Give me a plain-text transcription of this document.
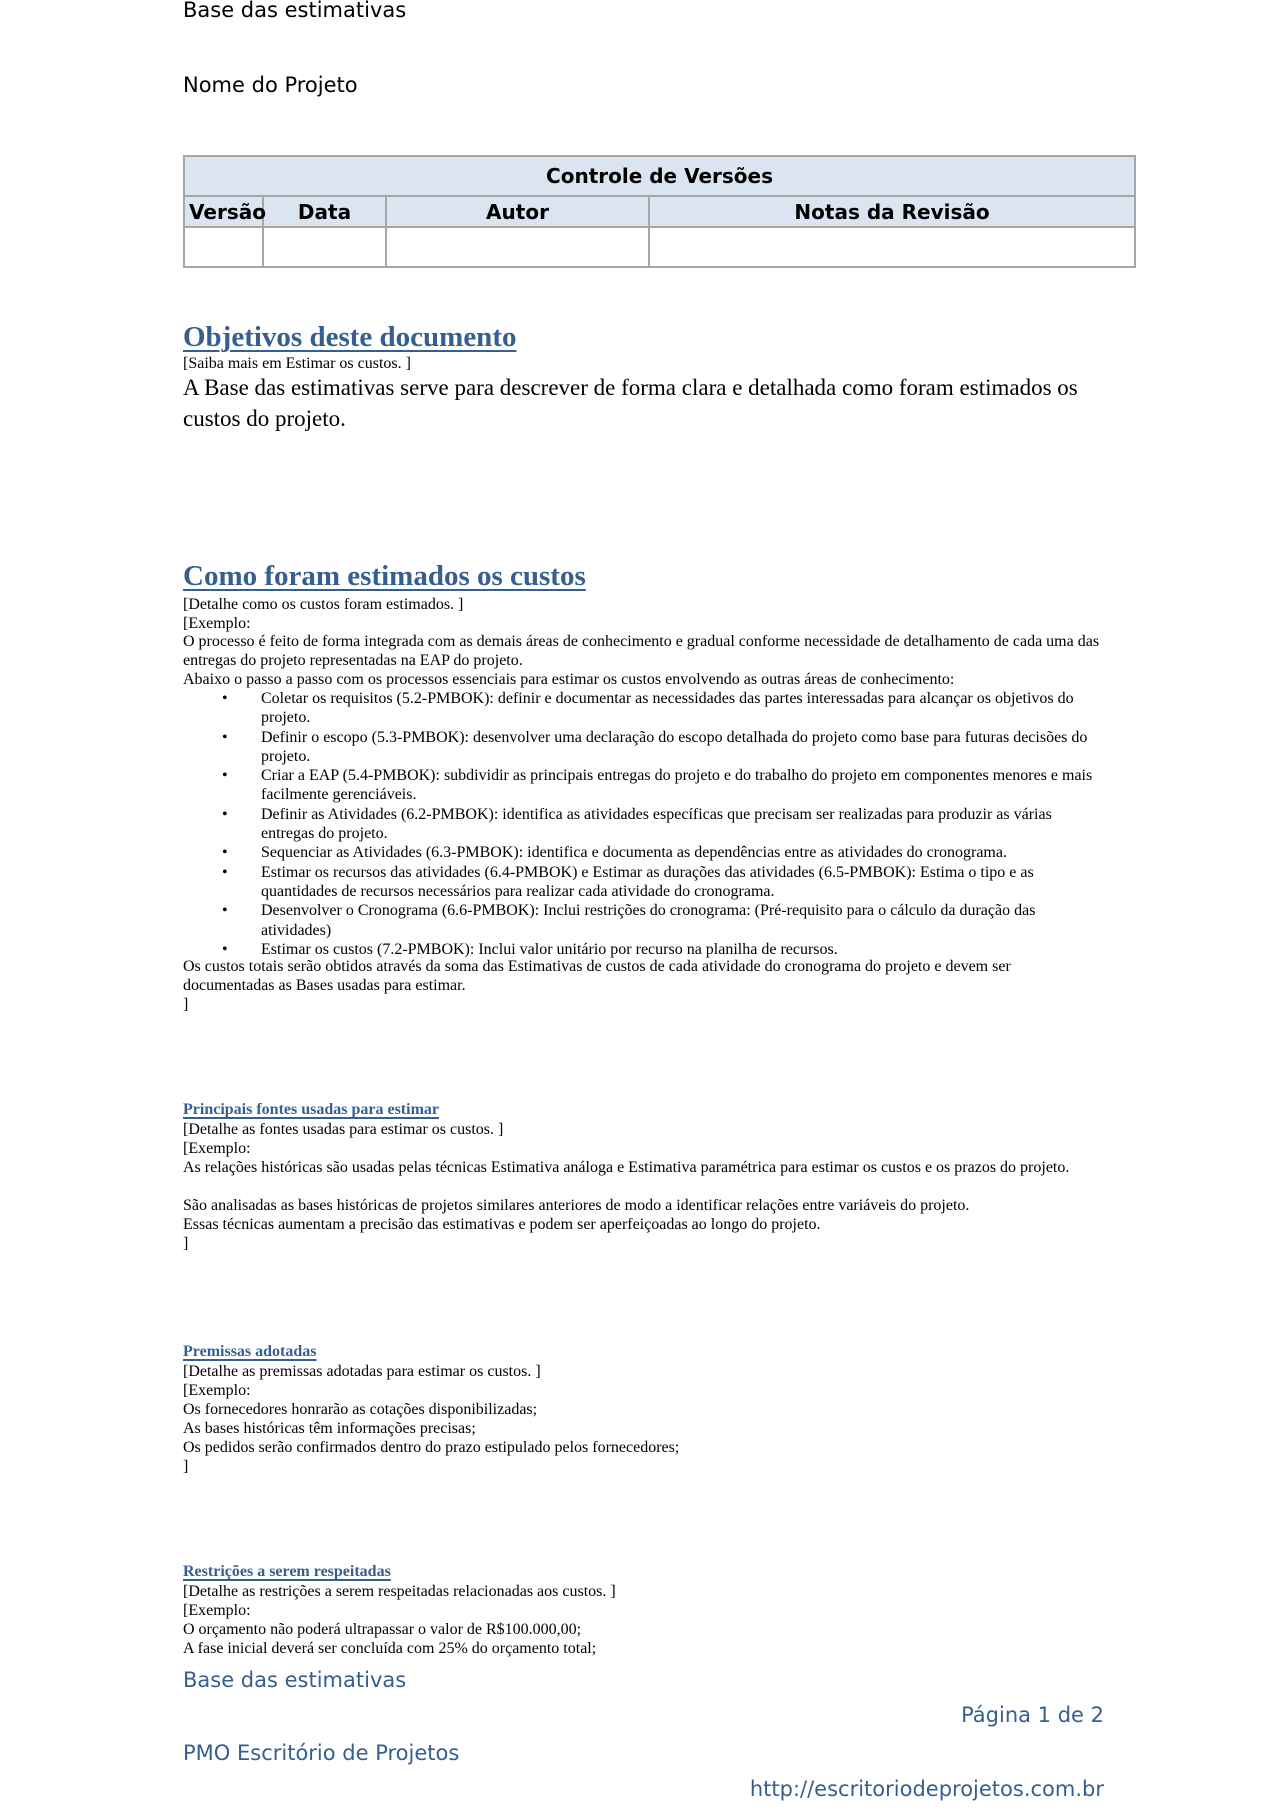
Base das estimativas
Nome do Projeto
Controle de Versões			
Versão	Data	Autor	Notas da Revisão

Objetivos deste documento
[Saiba mais em Estimar os custos. ]
A Base das estimativas serve para descrever de forma clara e detalhada como foram estimados os custos do projeto.
Como foram estimados os custos
[Detalhe como os custos foram estimados. ]
[Exemplo:
O processo é feito de forma integrada com as demais áreas de conhecimento e gradual conforme necessidade de detalhamento de cada uma das entregas do projeto representadas na EAP do projeto.
Abaixo o passo a passo com os processos essenciais para estimar os custos envolvendo as outras áreas de conhecimento:
• Coletar os requisitos (5.2-PMBOK): definir e documentar as necessidades das partes interessadas para alcançar os objetivos do projeto.
• Definir o escopo (5.3-PMBOK): desenvolver uma declaração do escopo detalhada do projeto como base para futuras decisões do projeto.
• Criar a EAP (5.4-PMBOK): subdividir as principais entregas do projeto e do trabalho do projeto em componentes menores e mais facilmente gerenciáveis.
• Definir as Atividades (6.2-PMBOK): identifica as atividades específicas que precisam ser realizadas para produzir as várias entregas do projeto.
• Sequenciar as Atividades (6.3-PMBOK): identifica e documenta as dependências entre as atividades do cronograma.
• Estimar os recursos das atividades (6.4-PMBOK) e Estimar as durações das atividades (6.5-PMBOK): Estima o tipo e as quantidades de recursos necessários para realizar cada atividade do cronograma.
• Desenvolver o Cronograma (6.6-PMBOK): Inclui restrições do cronograma: (Pré-requisito para o cálculo da duração das atividades)
• Estimar os custos (7.2-PMBOK): Inclui valor unitário por recurso na planilha de recursos.
Os custos totais serão obtidos através da soma das Estimativas de custos de cada atividade do cronograma do projeto e devem ser documentadas as Bases usadas para estimar.
]
Principais fontes usadas para estimar
[Detalhe as fontes usadas para estimar os custos. ]
[Exemplo:
As relações históricas são usadas pelas técnicas Estimativa análoga e Estimativa paramétrica para estimar os custos e os prazos do projeto.
São analisadas as bases históricas de projetos similares anteriores de modo a identificar relações entre variáveis do projeto.
Essas técnicas aumentam a precisão das estimativas e podem ser aperfeiçoadas ao longo do projeto.
]
Premissas adotadas
[Detalhe as premissas adotadas para estimar os custos. ]
[Exemplo:
Os fornecedores honrarão as cotações disponibilizadas;
As bases históricas têm informações precisas;
Os pedidos serão confirmados dentro do prazo estipulado pelos fornecedores;
]
Restrições a serem respeitadas
[Detalhe as restrições a serem respeitadas relacionadas aos custos. ]
[Exemplo:
O orçamento não poderá ultrapassar o valor de R$100.000,00;
A fase inicial deverá ser concluída com 25% do orçamento total;
Base das estimativas
Página 1 de 2
PMO Escritório de Projetos
http://escritoriodeprojetos.com.br
